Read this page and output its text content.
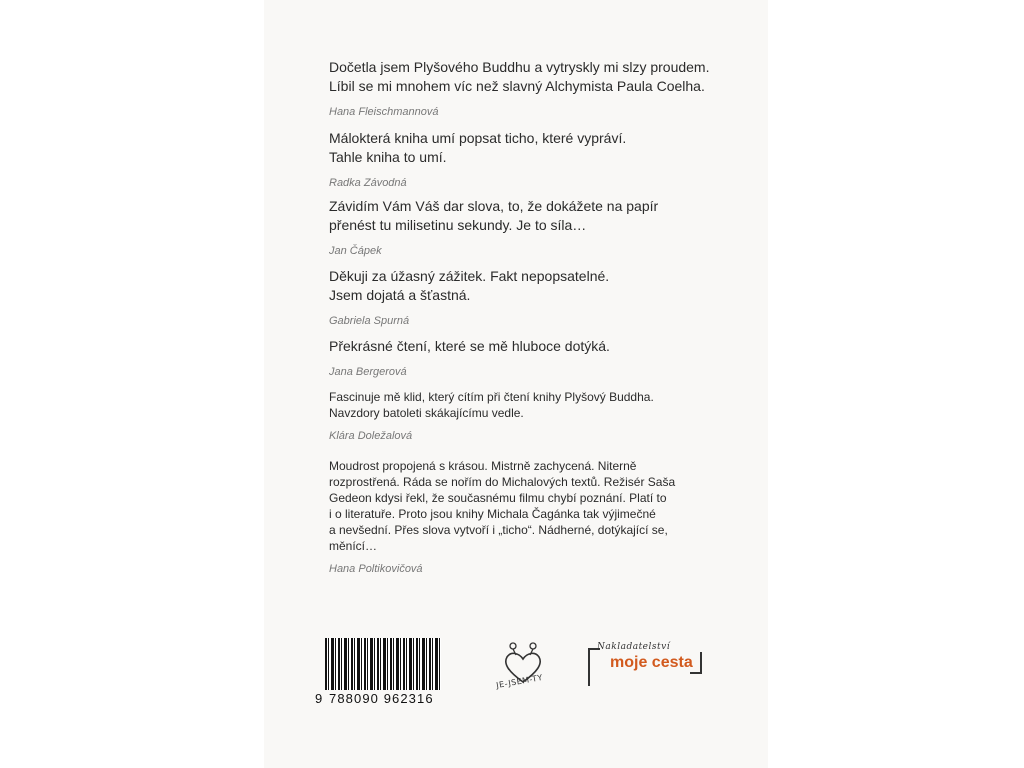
Dočetla jsem Plyšového Buddhu a vytryskly mi slzy proudem.
Líbil se mi mnohem víc než slavný Alchymista Paula Coelha.
Hana Fleischmannová
Málokterá kniha umí popsat ticho, které vypráví.
Tahle kniha to umí.
Radka Závodná
Závidím Vám Váš dar slova, to, že dokážete na papír
přenést tu milisetinu sekundy. Je to síla…
Jan Čápek
Děkuji za úžasný zážitek. Fakt nepopsatelné.
Jsem dojatá a šťastná.
Gabriela Spurná
Překrásné čtení, které se mě hluboce dotýká.
Jana Bergerová
Fascinuje mě klid, který cítím při čtení knihy Plyšový Buddha.
Navzdory batoleti skákajícímu vedle.
Klára Doležalová
Moudrost propojená s krásou. Mistrně zachycená. Niterně
rozprostřená. Ráda se nořím do Michalových textů. Režisér Saša
Gedeon kdysi řekl, že současnému filmu chybí poznání. Platí to
i o literatuře. Proto jsou knihy Michala Čagánka tak výjimečné
a nevšední. Přes slova vytvoří i „ticho“. Nádherné, dotýkající se,
měnící…
Hana Poltikovičová
9 788090 962316
JE-JSEM-TY
Nakladatelství
moje cesta
